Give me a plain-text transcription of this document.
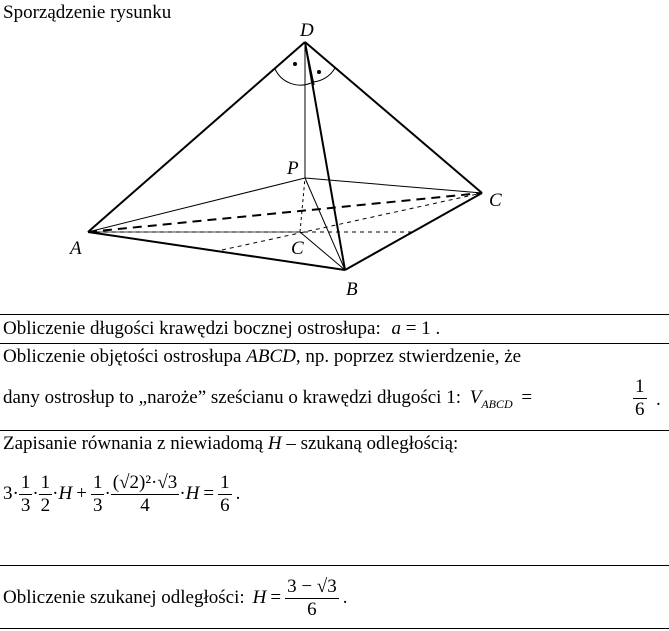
Sporządzenie rysunku
D
P
C
A	C
B
Obliczenie długości krawędzi bocznej ostrosłupa: a = 1 .
Obliczenie objętości ostrosłupa ABCD, np. poprzez stwierdzenie, że
dany ostrosłup to „naroże” sześcianu o krawędzi długości 1: $V_{ABCD}$ =	$\frac{1}{6}$ .
Zapisanie równania z niewiadomą H – szukaną odległością:
$3\cdot \frac{1}{3} \cdot \frac{1}{2} \cdot H + \frac{1}{3} \cdot \frac{\text{(√2)²·√3}}{4} \cdot H = \frac{1}{6}$ .
Obliczenie szukanej odległości: $H = \frac{3 - √3}{6}$ .
